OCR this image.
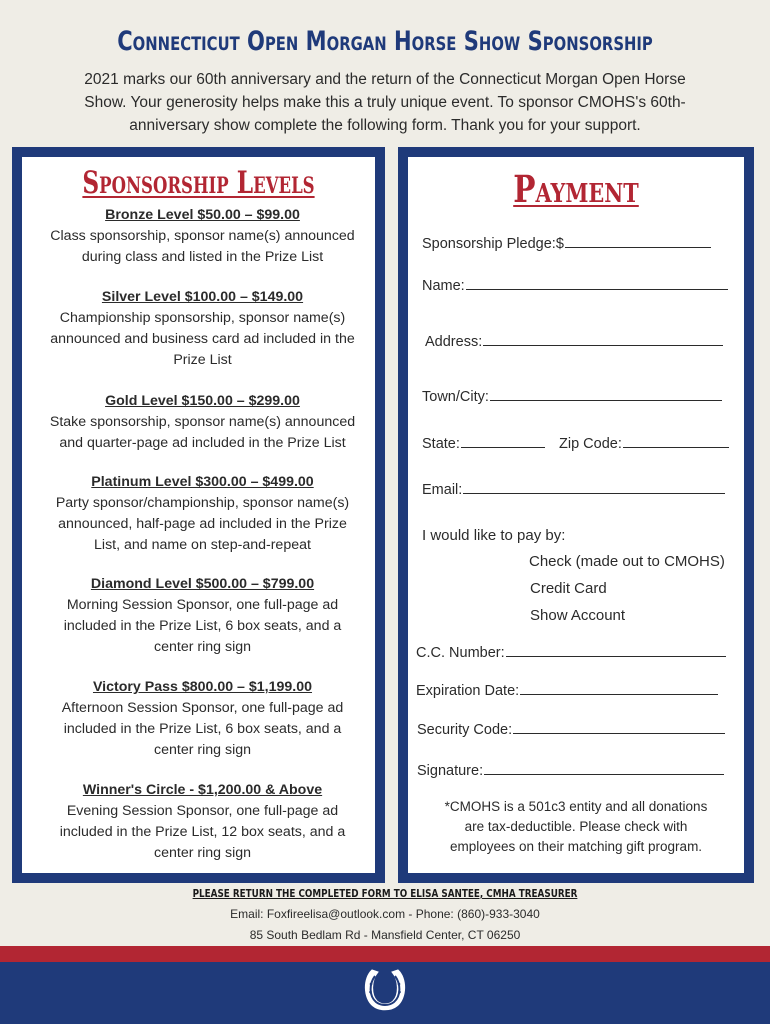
Connecticut Open Morgan Horse Show Sponsorship
2021 marks our 60th anniversary and the return of the Connecticut Morgan Open Horse
Show. Your generosity helps make this a truly unique event. To sponsor CMOHS's 60th-
anniversary show complete the following form. Thank you for your support.
Sponsorship Levels
Bronze Level $50.00 – $99.00
Class sponsorship, sponsor name(s) announced
during class and listed in the Prize List
Silver Level $100.00 – $149.00
Championship sponsorship, sponsor name(s)
announced and business card ad included in the
Prize List
Gold Level $150.00 – $299.00
Stake sponsorship, sponsor name(s) announced
and quarter-page ad included in the Prize List
Platinum Level $300.00 – $499.00
Party sponsor/championship, sponsor name(s)
announced, half-page ad included in the Prize
List, and name on step-and-repeat
Diamond Level $500.00 – $799.00
Morning Session Sponsor, one full-page ad
included in the Prize List, 6 box seats, and a
center ring sign
Victory Pass $800.00 – $1,199.00
Afternoon Session Sponsor, one full-page ad
included in the Prize List, 6 box seats, and a
center ring sign
Winner's Circle - $1,200.00 & Above
Evening Session Sponsor, one full-page ad
included in the Prize List, 12 box seats, and a
center ring sign
Payment
Sponsorship Pledge:$
Name:
Address:
Town/City:
State:	Zip Code:
Email:
I would like to pay by:
Check (made out to CMOHS)
Credit Card
Show Account
C.C. Number:
Expiration Date:
Security Code:
Signature:
*CMOHS is a 501c3 entity and all donations
are tax-deductible. Please check with
employees on their matching gift program.
PLEASE RETURN THE COMPLETED FORM TO ELISA SANTEE, CMHA TREASURER
Email: Foxfireelisa@outlook.com - Phone: (860)-933-3040
85 South Bedlam Rd - Mansfield Center, CT 06250
